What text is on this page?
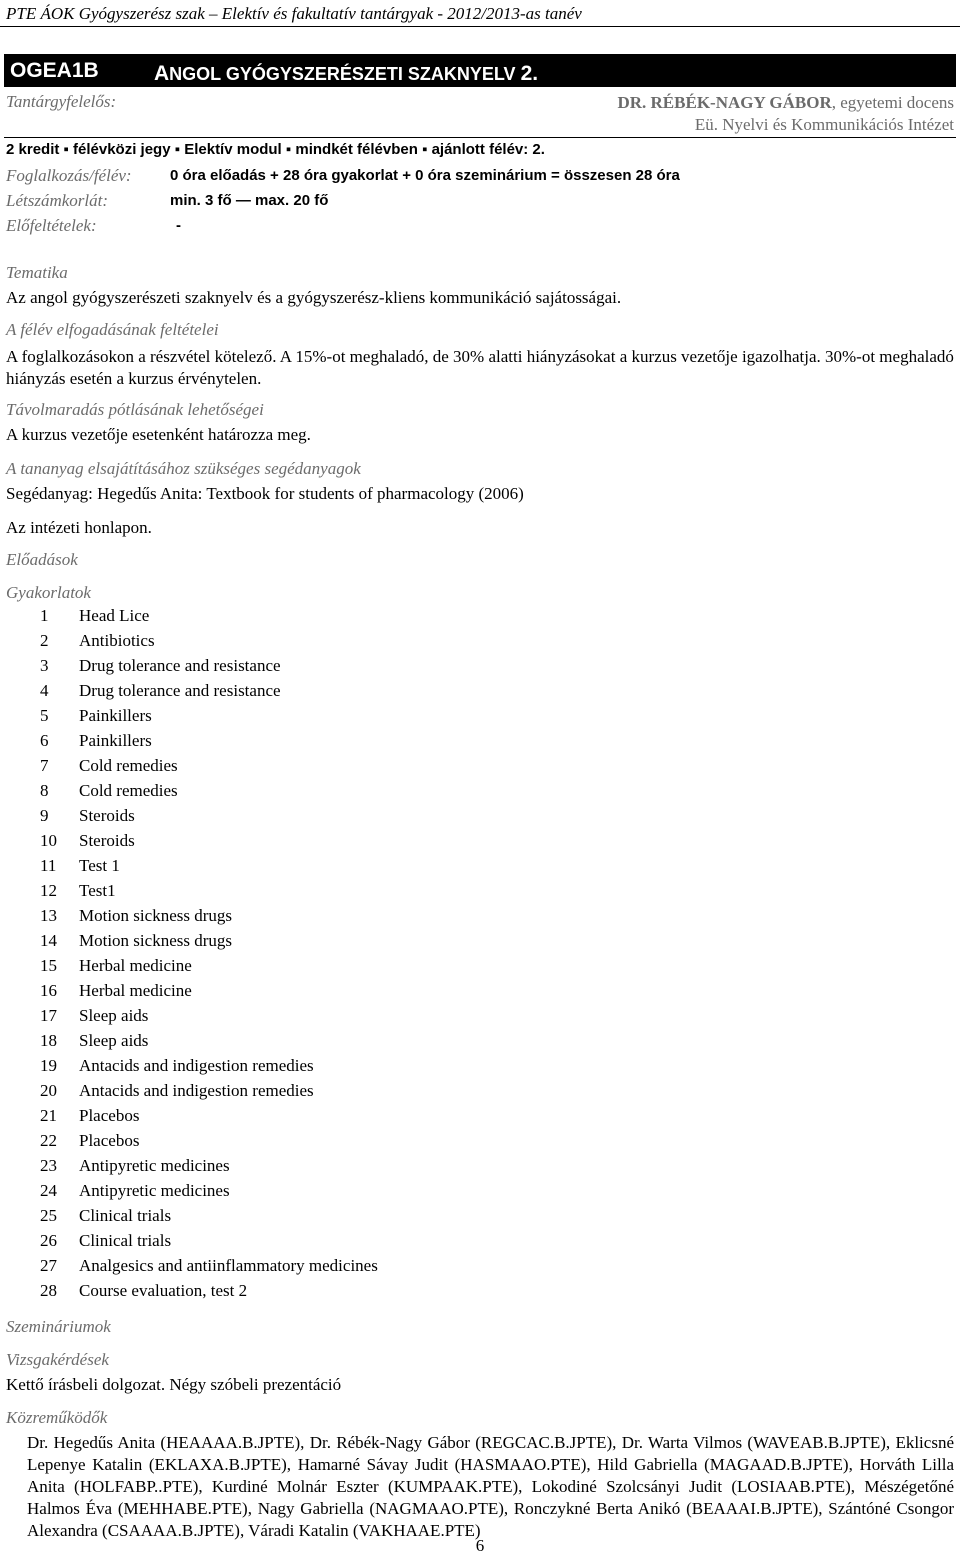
PTE ÁOK Gyógyszerész szak – Elektív és fakultatív tantárgyak - 2012/2013-as tanév
OGEA1B	ANGOL GYÓGYSZERÉSZETI SZAKNYELV 2.
Tantárgyfelelős:	DR. RÉBÉK-NAGY GÁBOR, egyetemi docens
Eü. Nyelvi és Kommunikációs Intézet
2 kredit ▪ félévközi jegy ▪ Elektív modul ▪ mindkét félévben ▪ ajánlott félév: 2.
Foglalkozás/félév:	0 óra előadás + 28 óra gyakorlat + 0 óra szeminárium = összesen 28 óra
Létszámkorlát:	min. 3 fő — max. 20 fő
Előfeltételek:	-
Tematika
Az angol gyógyszerészeti szaknyelv és a gyógyszerész-kliens kommunikáció sajátosságai.
A félév elfogadásának feltételei
A foglalkozásokon a részvétel kötelező. A 15%-ot meghaladó, de 30% alatti hiányzásokat a kurzus vezetője igazolhatja. 30%-ot meghaladó hiányzás esetén a kurzus érvénytelen.
Távolmaradás pótlásának lehetőségei
A kurzus vezetője esetenként határozza meg.
A tananyag elsajátításához szükséges segédanyagok
Segédanyag: Hegedűs Anita: Textbook for students of pharmacology (2006)
Az intézeti honlapon.
Előadások
Gyakorlatok
1	Head Lice
2	Antibiotics
3	Drug tolerance and resistance
4	Drug tolerance and resistance
5	Painkillers
6	Painkillers
7	Cold remedies
8	Cold remedies
9	Steroids
10	Steroids
11	Test 1
12	Test1
13	Motion sickness drugs
14	Motion sickness drugs
15	Herbal medicine
16	Herbal medicine
17	Sleep aids
18	Sleep aids
19	Antacids and indigestion remedies
20	Antacids and indigestion remedies
21	Placebos
22	Placebos
23	Antipyretic medicines
24	Antipyretic medicines
25	Clinical trials
26	Clinical trials
27	Analgesics and antiinflammatory medicines
28	Course evaluation, test 2
Szemináriumok
Vizsgakérdések
Kettő írásbeli dolgozat. Négy szóbeli prezentáció
Közreműködők
Dr. Hegedűs Anita (HEAAAA.B.JPTE), Dr. Rébék-Nagy Gábor (REGCAC.B.JPTE), Dr. Warta Vilmos (WAVEAB.B.JPTE), Eklicsné Lepenye Katalin (EKLAXA.B.JPTE), Hamarné Sávay Judit (HASMAAO.PTE), Hild Gabriella (MAGAAD.B.JPTE), Horváth Lilla Anita (HOLFABP..PTE), Kurdiné Molnár Eszter (KUMPAAK.PTE), Lokodiné Szolcsányi Judit (LOSIAAB.PTE), Mészégetőné Halmos Éva (MEHHABE.PTE), Nagy Gabriella (NAGMAAO.PTE), Ronczykné Berta Anikó (BEAAAI.B.JPTE), Szántóné Csongor Alexandra (CSAAAA.B.JPTE), Váradi Katalin (VAKHAAE.PTE)
6
